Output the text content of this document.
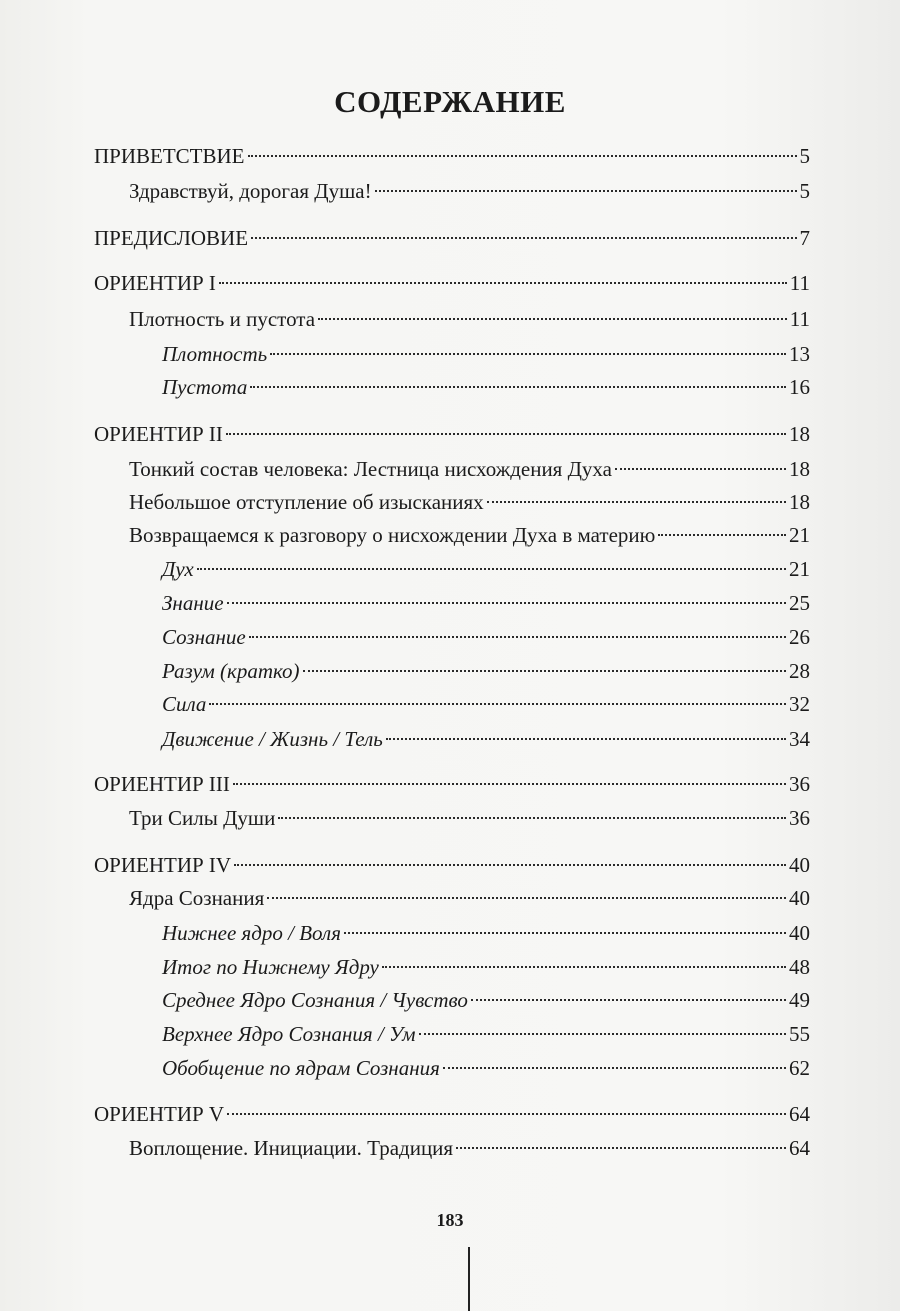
СОДЕРЖАНИЕ
ПРИВЕТСТВИЕ	5
Здравствуй, дорогая Душа!	5
ПРЕДИСЛОВИЕ	7
ОРИЕНТИР I	11
Плотность и пустота	11
Плотность	13
Пустота	16
ОРИЕНТИР II	18
Тонкий состав человека: Лестница нисхождения Духа	18
Небольшое отступление об изысканиях	18
Возвращаемся к разговору о нисхождении Духа в материю	21
Дух	21
Знание	25
Сознание	26
Разум (кратко)	28
Сила	32
Движение / Жизнь / Тель	34
ОРИЕНТИР III	36
Три Силы Души	36
ОРИЕНТИР IV	40
Ядра Сознания	40
Нижнее ядро / Воля	40
Итог по Нижнему Ядру	48
Среднее Ядро Сознания / Чувство	49
Верхнее Ядро Сознания / Ум	55
Обобщение по ядрам Сознания	62
ОРИЕНТИР V	64
Воплощение. Инициации. Традиция	64
183
